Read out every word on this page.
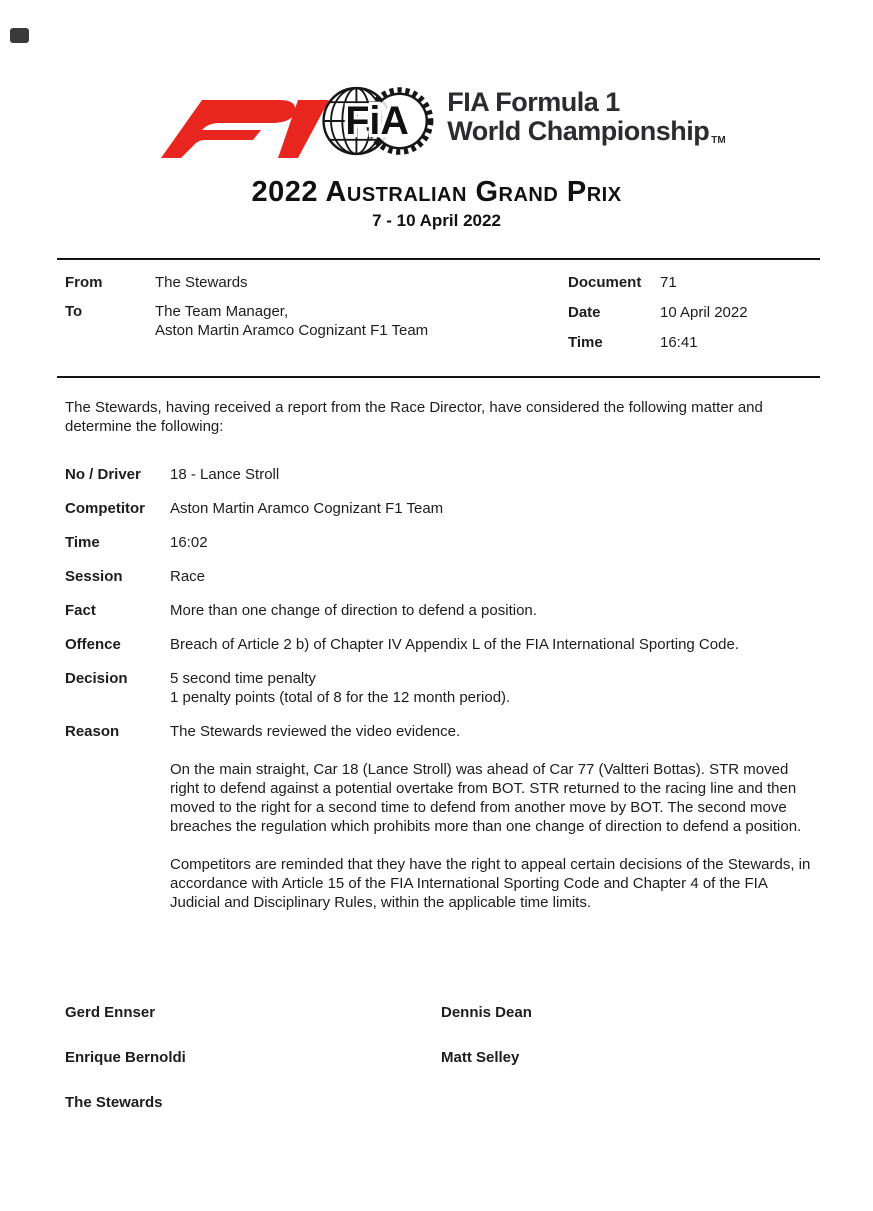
FiA FIA Formula 1
World Championship TM
2022 Australian Grand Prix
7 - 10 April 2022
From	The Stewards
To	The Team Manager,
Aston Martin Aramco Cognizant F1 Team
Document	71
Date	10 April 2022
Time	16:41

The Stewards, having received a report from the Race Director, have considered the following matter and determine the following:

No / Driver	18 - Lance Stroll
Competitor	Aston Martin Aramco Cognizant F1 Team
Time	16:02
Session	Race
Fact	More than one change of direction to defend a position.
Offence	Breach of Article 2 b) of Chapter IV Appendix L of the FIA International Sporting Code.
Decision	5 second time penalty
1 penalty points (total of 8 for the 12 month period).
Reason	The Stewards reviewed the video evidence.

On the main straight, Car 18 (Lance Stroll) was ahead of Car 77 (Valtteri Bottas). STR moved right to defend against a potential overtake from BOT. STR returned to the racing line and then moved to the right for a second time to defend from another move by BOT. The second move breaches the regulation which prohibits more than one change of direction to defend a position.

Competitors are reminded that they have the right to appeal certain decisions of the Stewards, in accordance with Article 15 of the FIA International Sporting Code and Chapter 4 of the FIA Judicial and Disciplinary Rules, within the applicable time limits.

Gerd Ennser	Dennis Dean
Enrique Bernoldi	Matt Selley
The Stewards
